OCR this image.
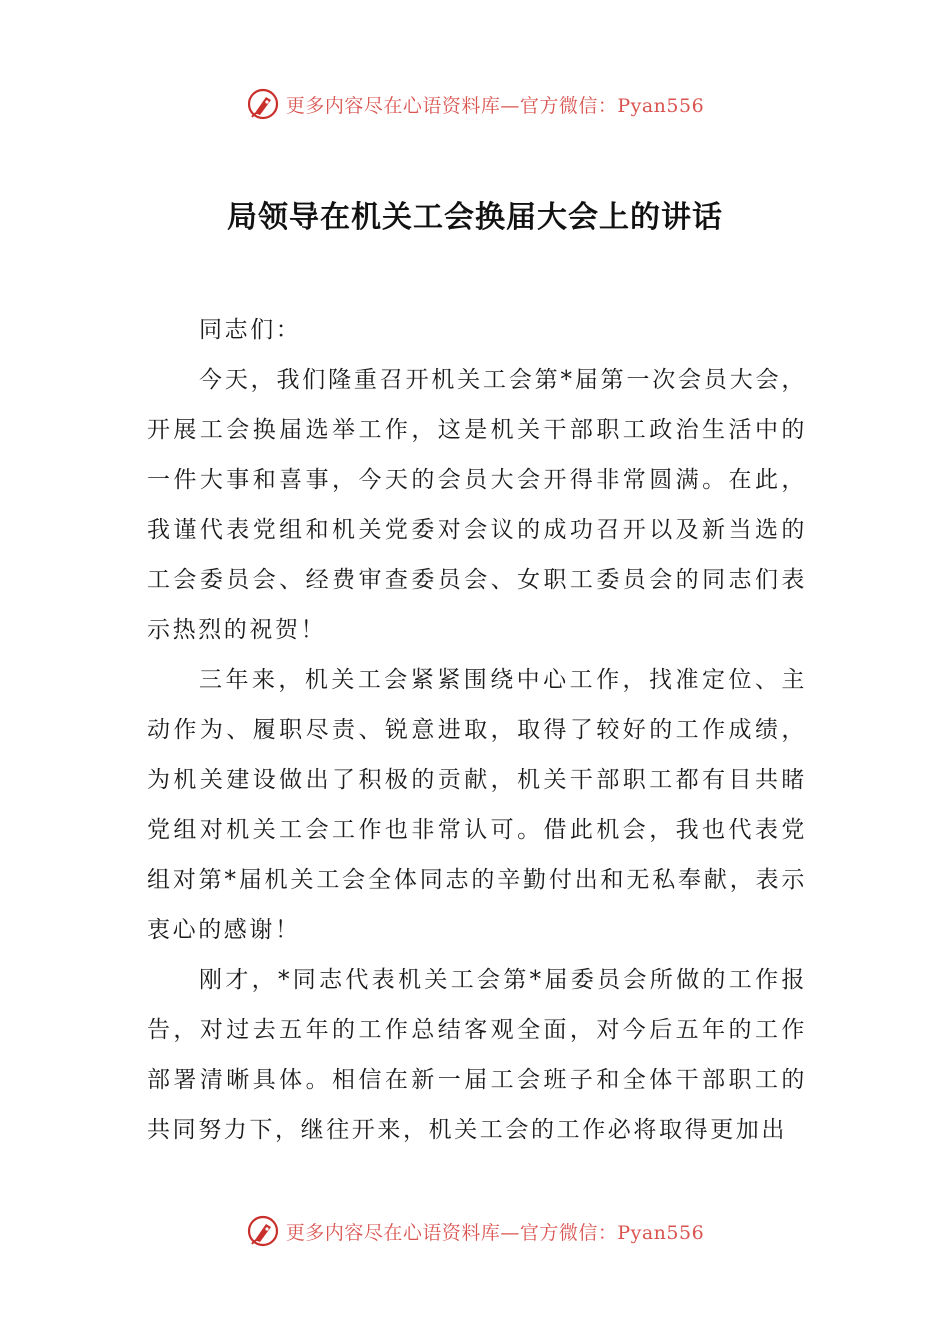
更多内容尽在心语资料库—官方微信：Pyan556
局领导在机关工会换届大会上的讲话

同志们：

今天，我们隆重召开机关工会第*届第一次会员大会，开展工会换届选举工作，这是机关干部职工政治生活中的一件大事和喜事，今天的会员大会开得非常圆满。在此，我谨代表党组和机关党委对会议的成功召开以及新当选的工会委员会、经费审查委员会、女职工委员会的同志们表示热烈的祝贺！

三年来，机关工会紧紧围绕中心工作，找准定位、主动作为、履职尽责、锐意进取，取得了较好的工作成绩，为机关建设做出了积极的贡献，机关干部职工都有目共睹党组对机关工会工作也非常认可。借此机会，我也代表党组对第*届机关工会全体同志的辛勤付出和无私奉献，表示衷心的感谢！

刚才，*同志代表机关工会第*届委员会所做的工作报告，对过去五年的工作总结客观全面，对今后五年的工作部署清晰具体。相信在新一届工会班子和全体干部职工的共同努力下，继往开来，机关工会的工作必将取得更加出

更多内容尽在心语资料库—官方微信：Pyan556
